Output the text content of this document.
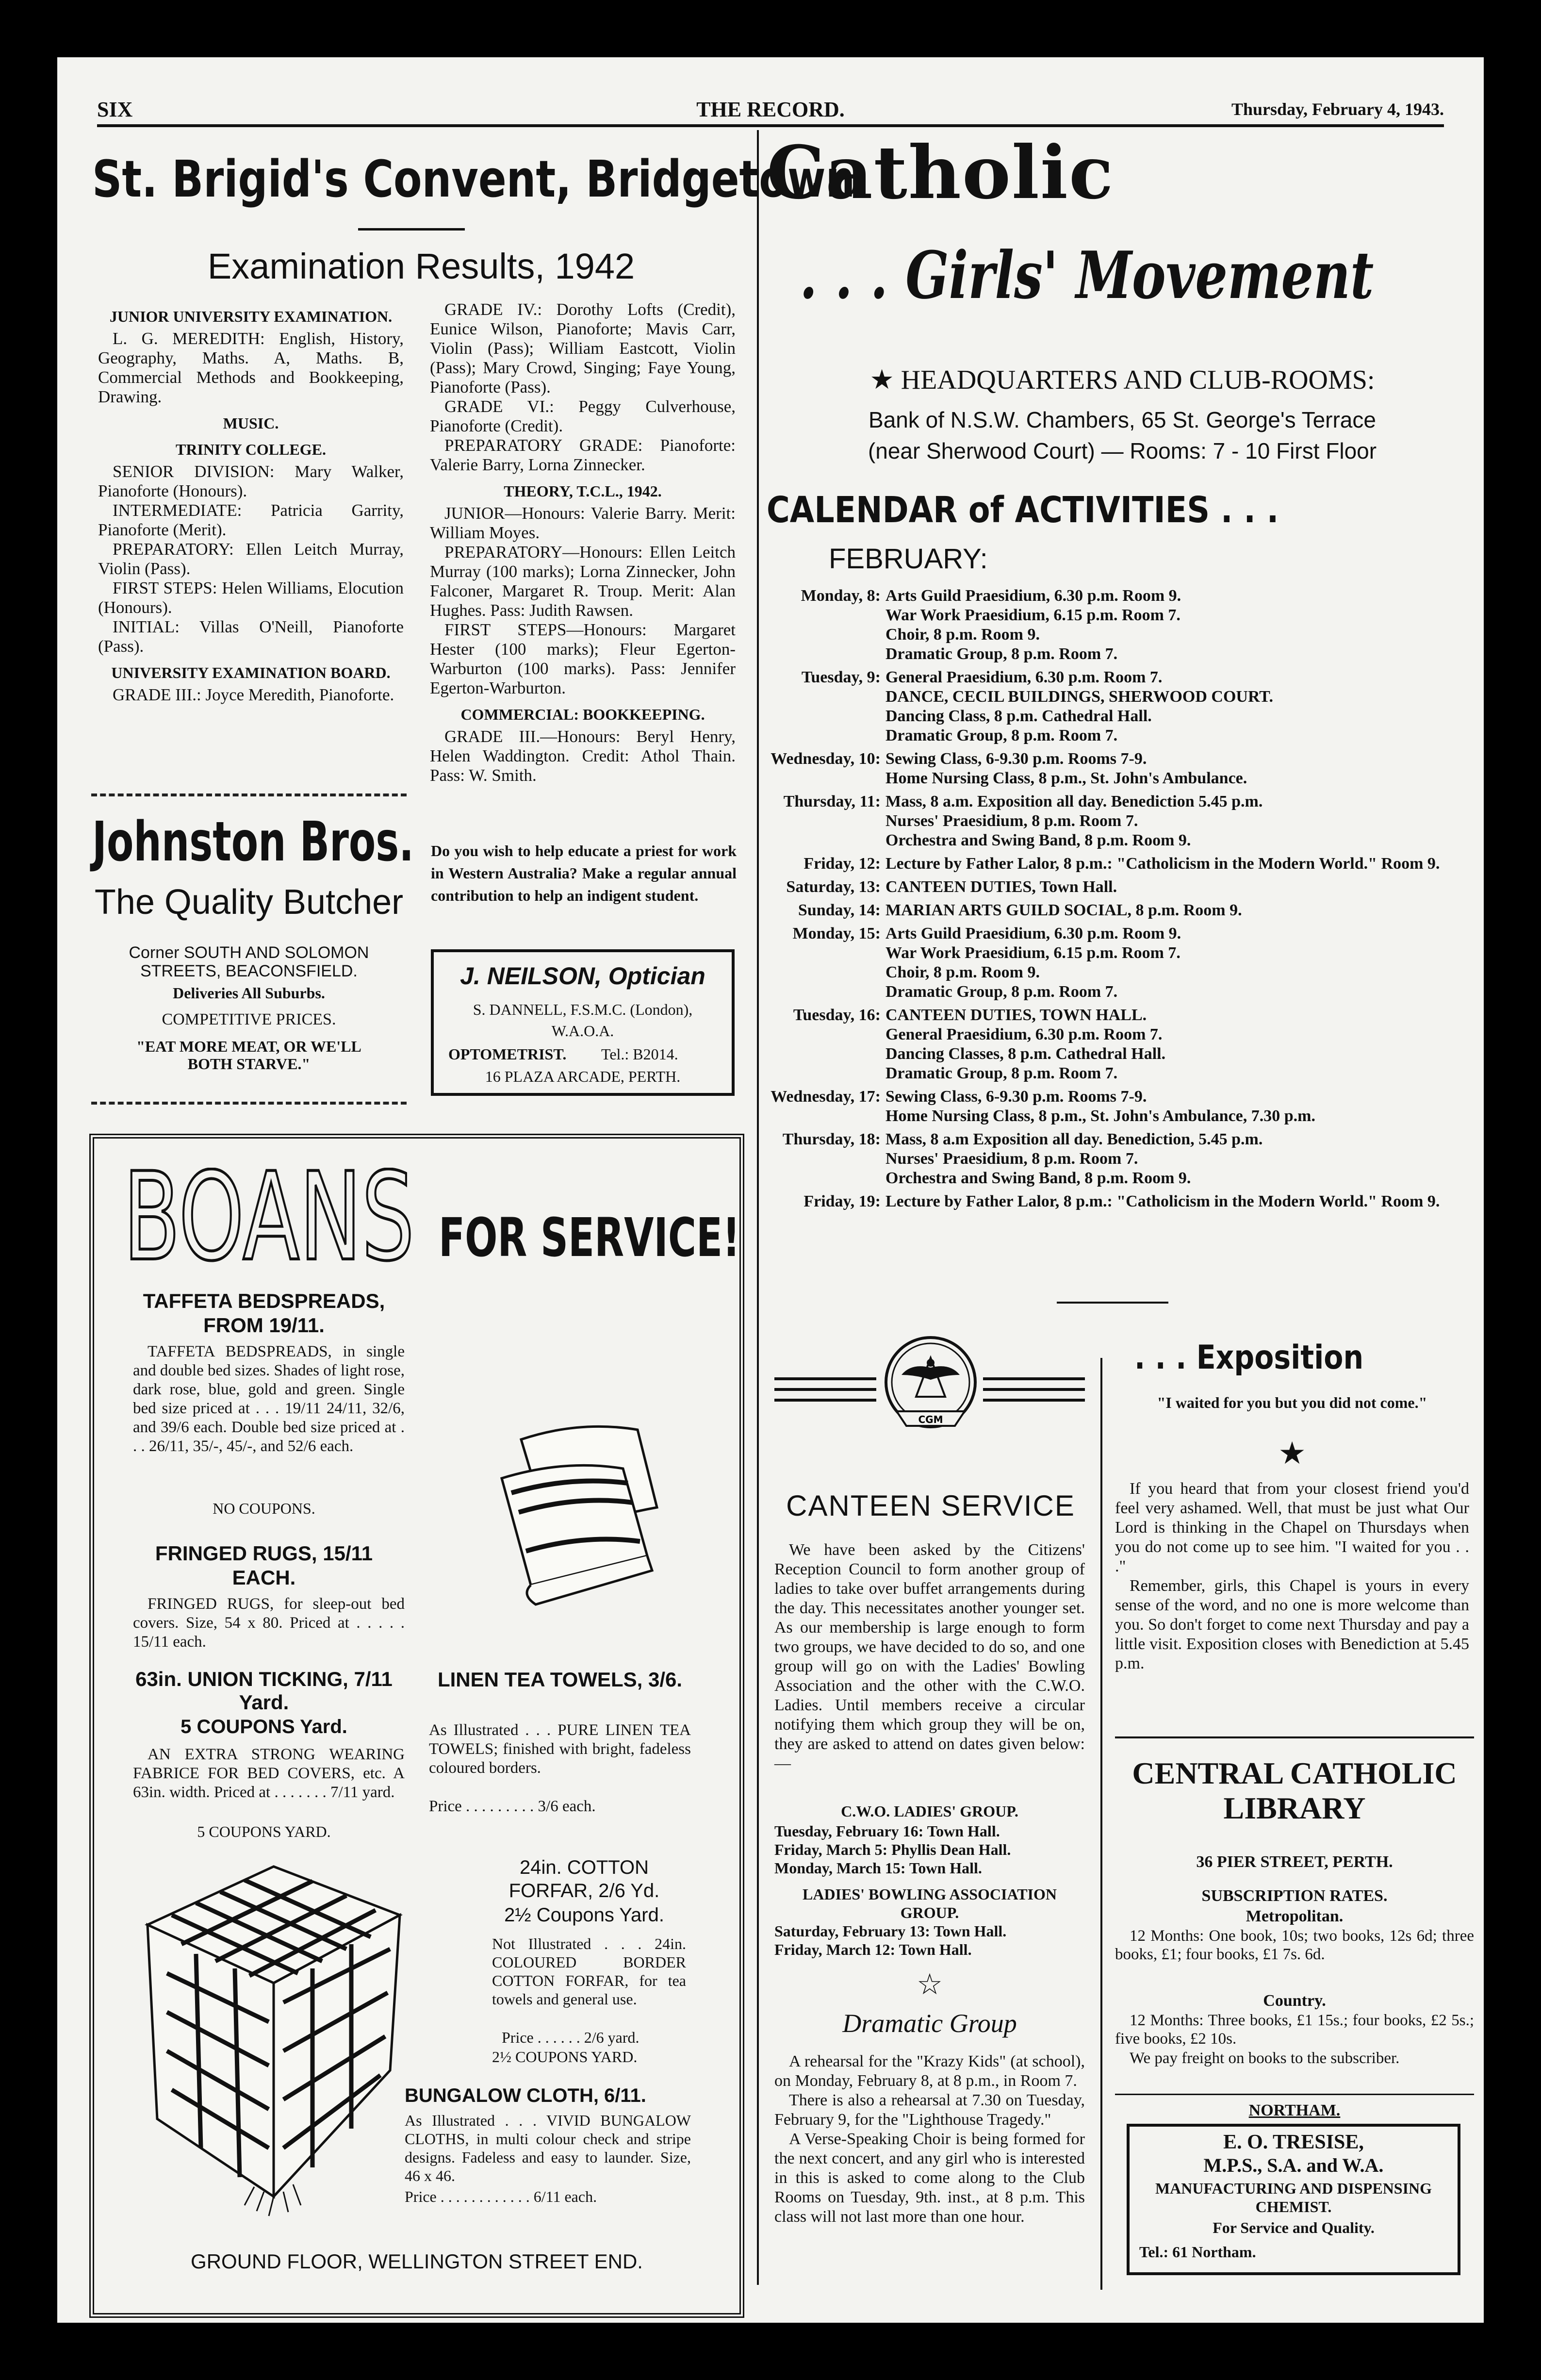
SIX	THE RECORD.	Thursday, February 4, 1943.
St. Brigid's Convent, Bridgetown
Examination Results, 1942
JUNIOR UNIVERSITY EXAMINATION.

L. G. MEREDITH: English, History, Geography, Maths. A, Maths. B, Commercial Methods and Bookkeeping, Drawing.

MUSIC.
TRINITY COLLEGE.

SENIOR DIVISION: Mary Walker, Pianoforte (Honours).

INTERMEDIATE: Patricia Garrity, Pianoforte (Merit).

PREPARATORY: Ellen Leitch Murray, Violin (Pass).

FIRST STEPS: Helen Williams, Elocution (Honours).

INITIAL: Villas O'Neill, Pianoforte (Pass).

UNIVERSITY EXAMINATION BOARD.

GRADE III.: Joyce Meredith, Pianoforte.

GRADE IV.: Dorothy Lofts (Credit), Eunice Wilson, Pianoforte; Mavis Carr, Violin (Pass); William Eastcott, Violin (Pass); Mary Crowd, Singing; Faye Young, Pianoforte (Pass).

GRADE VI.: Peggy Culverhouse, Pianoforte (Credit).

PREPARATORY GRADE: Pianoforte: Valerie Barry, Lorna Zinnecker.

THEORY, T.C.L., 1942.

JUNIOR—Honours: Valerie Barry. Merit: William Moyes.

PREPARATORY—Honours: Ellen Leitch Murray (100 marks); Lorna Zinnecker, John Falconer, Margaret R. Troup. Merit: Alan Hughes. Pass: Judith Rawsen.

FIRST STEPS—Honours: Margaret Hester (100 marks); Fleur Egerton-Warburton (100 marks). Pass: Jennifer Egerton-Warburton.

COMMERCIAL: BOOKKEEPING.

GRADE III.—Honours: Beryl Henry, Helen Waddington. Credit: Athol Thain. Pass: W. Smith.

Johnston Bros.
The Quality Butcher
Corner SOUTH AND SOLOMON STREETS, BEACONSFIELD.
Deliveries All Suburbs.
COMPETITIVE PRICES.
"EAT MORE MEAT, OR WE'LL BOTH STARVE."
Do you wish to help educate a priest for work in Western Australia? Make a regular annual contribution to help an indigent student.
J. NEILSON, Optician
S. DANNELL, F.S.M.C. (London),
W.A.O.A.
OPTOMETRIST. Tel.: B2014.
16 PLAZA ARCADE, PERTH.
BOANS FOR SERVICE!
TAFFETA BEDSPREADS, FROM 19/11.

TAFFETA BEDSPREADS, in single and double bed sizes. Shades of light rose, dark rose, blue, gold and green. Single bed size priced at . . . 19/11 24/11, 32/6, and 39/6 each. Double bed size priced at . . . 26/11, 35/-, 45/-, and 52/6 each.

NO COUPONS.
FRINGED RUGS, 15/11 EACH.

FRINGED RUGS, for sleep-out bed covers. Size, 54 x 80. Priced at . . . . . 15/11 each.

63in. UNION TICKING, 7/11 Yard.
5 COUPONS Yard.

AN EXTRA STRONG WEARING FABRICE FOR BED COVERS, etc. A 63in. width. Priced at . . . . . . . 7/11 yard.

5 COUPONS YARD.
LINEN TEA TOWELS, 3/6.

As Illustrated . . . PURE LINEN TEA TOWELS; finished with bright, fadeless coloured borders.

Price . . . . . . . . . 3/6 each.
24in. COTTON FORFAR, 2/6 Yd.
2½ Coupons Yard.

Not Illustrated . . . 24in. COLOURED BORDER COTTON FORFAR, for tea towels and general use.

Price . . . . . . 2/6 yard.
2½ COUPONS YARD.
BUNGALOW CLOTH, 6/11.

As Illustrated . . . VIVID BUNGALOW CLOTHS, in multi colour check and stripe designs. Fadeless and easy to launder. Size, 46 x 46.

Price . . . . . . . . . . . . 6/11 each.
GROUND FLOOR, WELLINGTON STREET END.
Catholic
. . . Girls' Movement
★ HEADQUARTERS AND CLUB-ROOMS:
Bank of N.S.W. Chambers, 65 St. George's Terrace
(near Sherwood Court) — Rooms: 7 - 10 First Floor
CALENDAR of ACTIVITIES . . .
FEBRUARY:
Monday, 8: Arts Guild Praesidium, 6.30 p.m. Room 9.
War Work Praesidium, 6.15 p.m. Room 7.
Choir, 8 p.m. Room 9.
Dramatic Group, 8 p.m. Room 7.
Tuesday, 9: General Praesidium, 6.30 p.m. Room 7.
DANCE, CECIL BUILDINGS, SHERWOOD COURT.
Dancing Class, 8 p.m. Cathedral Hall.
Dramatic Group, 8 p.m. Room 7.
Wednesday, 10: Sewing Class, 6-9.30 p.m. Rooms 7-9.
Home Nursing Class, 8 p.m., St. John's Ambulance.
Thursday, 11: Mass, 8 a.m. Exposition all day. Benediction 5.45 p.m.
Nurses' Praesidium, 8 p.m. Room 7.
Orchestra and Swing Band, 8 p.m. Room 9.
Friday, 12: Lecture by Father Lalor, 8 p.m.: "Catholicism in the Modern World." Room 9.
Saturday, 13: CANTEEN DUTIES, Town Hall.
Sunday, 14: MARIAN ARTS GUILD SOCIAL, 8 p.m. Room 9.
Monday, 15: Arts Guild Praesidium, 6.30 p.m. Room 9.
War Work Praesidium, 6.15 p.m. Room 7.
Choir, 8 p.m. Room 9.
Dramatic Group, 8 p.m. Room 7.
Tuesday, 16: CANTEEN DUTIES, TOWN HALL.
General Praesidium, 6.30 p.m. Room 7.
Dancing Classes, 8 p.m. Cathedral Hall.
Dramatic Group, 8 p.m. Room 7.
Wednesday, 17: Sewing Class, 6-9.30 p.m. Rooms 7-9.
Home Nursing Class, 8 p.m., St. John's Ambulance, 7.30 p.m.
Thursday, 18: Mass, 8 a.m Exposition all day. Benediction, 5.45 p.m.
Nurses' Praesidium, 8 p.m. Room 7.
Orchestra and Swing Band, 8 p.m. Room 9.
Friday, 19: Lecture by Father Lalor, 8 p.m.: "Catholicism in the Modern World." Room 9.
CGM
CANTEEN SERVICE

We have been asked by the Citizens' Reception Council to form another group of ladies to take over buffet arrangements during the day. This necessitates another younger set. As our membership is large enough to form two groups, we have decided to do so, and one group will go on with the Ladies' Bowling Association and the other with the C.W.O. Ladies. Until members receive a circular notifying them which group they will be on, they are asked to attend on dates given below:—

C.W.O. LADIES' GROUP.
Tuesday, February 16: Town Hall.
Friday, March 5: Phyllis Dean Hall.
Monday, March 15: Town Hall.
LADIES' BOWLING ASSOCIATION GROUP.
Saturday, February 13: Town Hall.
Friday, March 12: Town Hall.
☆
Dramatic Group

A rehearsal for the "Krazy Kids" (at school), on Monday, February 8, at 8 p.m., in Room 7.

There is also a rehearsal at 7.30 on Tuesday, February 9, for the "Lighthouse Tragedy."

A Verse-Speaking Choir is being formed for the next concert, and any girl who is interested in this is asked to come along to the Club Rooms on Tuesday, 9th. inst., at 8 p.m. This class will not last more than one hour.

. . . Exposition
"I waited for you but you did not come."
★

If you heard that from your closest friend you'd feel very ashamed. Well, that must be just what Our Lord is thinking in the Chapel on Thursdays when you do not come up to see him. "I waited for you . . ."

Remember, girls, this Chapel is yours in every sense of the word, and no one is more welcome than you. So don't forget to come next Thursday and pay a little visit. Exposition closes with Benediction at 5.45 p.m.

CENTRAL CATHOLIC LIBRARY
36 PIER STREET, PERTH.
SUBSCRIPTION RATES.
Metropolitan.

12 Months: One book, 10s; two books, 12s 6d; three books, £1; four books, £1 7s. 6d.

Country.

12 Months: Three books, £1 15s.; four books, £2 5s.; five books, £2 10s.

We pay freight on books to the subscriber.

NORTHAM.
E. O. TRESISE,
M.P.S., S.A. and W.A.
MANUFACTURING AND DISPENSING CHEMIST.
For Service and Quality.
Tel.: 61 Northam.
